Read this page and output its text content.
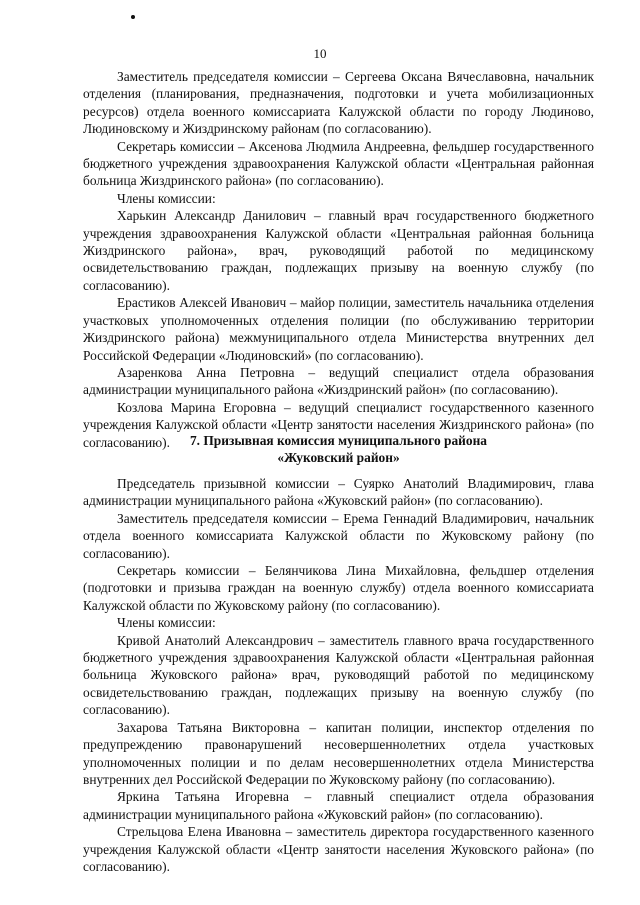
10

Заместитель председателя комиссии – Сергеева Оксана Вячеславовна, начальник отделения (планирования, предназначения, подготовки и учета мобилизационных ресурсов) отдела военного комиссариата Калужской области по городу Людиново, Людиновскому и Жиздринскому районам (по согласованию).

Секретарь комиссии – Аксенова Людмила Андреевна, фельдшер государственного бюджетного учреждения здравоохранения Калужской области «Центральная районная больница Жиздринского района» (по согласованию).

Члены комиссии:

Харькин Александр Данилович – главный врач государственного бюджетного учреждения здравоохранения Калужской области «Центральная районная больница Жиздринского района», врач, руководящий работой по медицинскому освидетельствованию граждан, подлежащих призыву на военную службу (по согласованию).

Ерастиков Алексей Иванович – майор полиции, заместитель начальника отделения участковых уполномоченных отделения полиции (по обслуживанию территории Жиздринского района) межмуниципального отдела Министерства внутренних дел Российской Федерации «Людиновский» (по согласованию).

Азаренкова Анна Петровна – ведущий специалист отдела образования администрации муниципального района «Жиздринский район» (по согласованию).

Козлова Марина Егоровна – ведущий специалист государственного казенного учреждения Калужской области «Центр занятости населения Жиздринского района» (по согласованию).	7. Призывная комиссия муниципального района

«Жуковский район»

Председатель призывной комиссии – Суярко Анатолий Владимирович, глава администрации муниципального района «Жуковский район» (по согласованию).

Заместитель председателя комиссии – Ерема Геннадий Владимирович, начальник отдела военного комиссариата Калужской области по Жуковскому району (по согласованию).

Секретарь комиссии – Белянчикова Лина Михайловна, фельдшер отделения (подготовки и призыва граждан на военную службу) отдела военного комиссариата Калужской области по Жуковскому району (по согласованию).

Члены комиссии:

Кривой Анатолий Александрович – заместитель главного врача государственного бюджетного учреждения здравоохранения Калужской области «Центральная районная больница Жуковского района» врач, руководящий работой по медицинскому освидетельствованию граждан, подлежащих призыву на военную службу (по согласованию).

Захарова Татьяна Викторовна – капитан полиции, инспектор отделения по предупреждению правонарушений несовершеннолетних отдела участковых уполномоченных полиции и по делам несовершеннолетних отдела Министерства внутренних дел Российской Федерации по Жуковскому району (по согласованию).

Яркина Татьяна Игоревна – главный специалист отдела образования администрации муниципального района «Жуковский район» (по согласованию).

Стрельцова Елена Ивановна – заместитель директора государственного казенного учреждения Калужской области «Центр занятости населения Жуковского района» (по согласованию).
